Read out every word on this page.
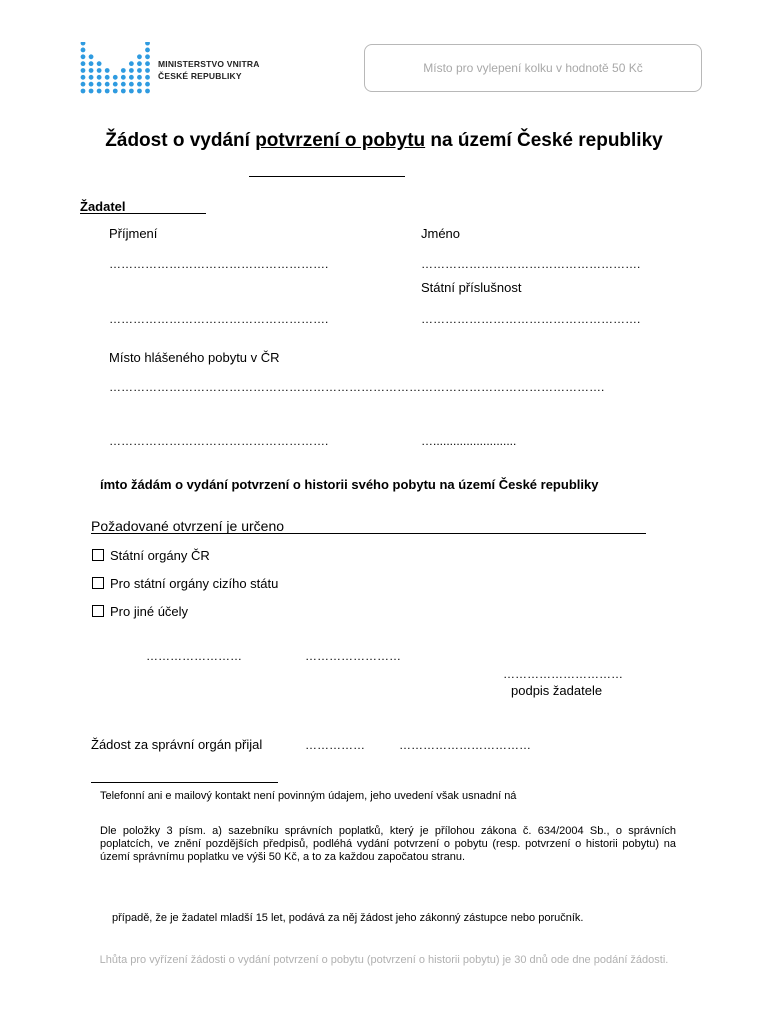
MINISTERSTVO VNITRA
ČESKÉ REPUBLIKY
Místo pro vylepení kolku v hodnotě 50 Kč
Žádost o vydání potvrzení o pobytu na území České republiky
Žadatel
Příjmení	Jméno
……………………………………………….	……………………………………………….
Státní příslušnost
……………………………………………….	……………………………………………….
Místo hlášeného pobytu v ČR
…………………………………………………………………………………………………………….
……………………………………………….	….........................
ímto žádám o vydání potvrzení o historii svého pobytu na území České republiky
Požadované otvrzení je určeno
Státní orgány ČR
Pro státní orgány cizího státu
Pro jiné účely
……………………	……………………
…………………………
podpis žadatele
Žádost za správní orgán přijal	……………	……………………………
Telefonní ani e mailový kontakt není povinným údajem, jeho uvedení však usnadní ná
Dle položky 3 písm. a) sazebníku správních poplatků, který je přílohou zákona č. 634/2004 Sb., o správních poplatcích, ve znění pozdějších předpisů, podléhá vydání potvrzení o pobytu (resp. potvrzení o historii pobytu) na území správnímu poplatku ve výši 50 Kč, a to za každou započatou stranu.
případě, že je žadatel mladší 15 let, podává za něj žádost jeho zákonný zástupce nebo poručník.
Lhůta pro vyřízení žádosti o vydání potvrzení o pobytu (potvrzení o historii pobytu) je 30 dnů ode dne podání žádosti.
